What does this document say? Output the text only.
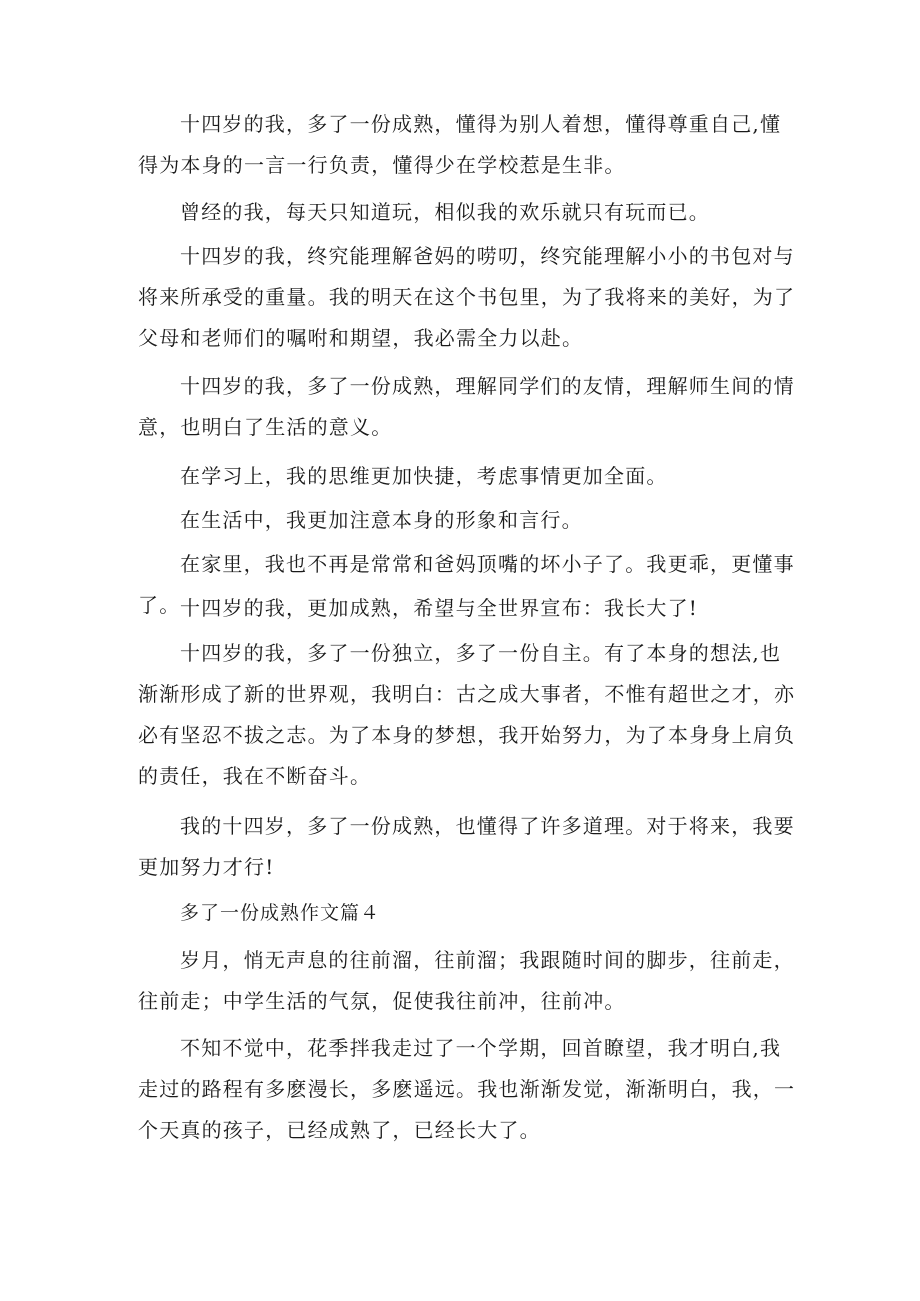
十四岁的我，多了一份成熟，懂得为别人着想，懂得尊重自己,懂得为本身的一言一行负责，懂得少在学校惹是生非。

曾经的我，每天只知道玩，相似我的欢乐就只有玩而已。

十四岁的我，终究能理解爸妈的唠叨，终究能理解小小的书包对与将来所承受的重量。我的明天在这个书包里，为了我将来的美好，为了父母和老师们的嘱咐和期望，我必需全力以赴。

十四岁的我，多了一份成熟，理解同学们的友情，理解师生间的情意，也明白了生活的意义。

在学习上，我的思维更加快捷，考虑事情更加全面。

在生活中，我更加注意本身的形象和言行。

在家里，我也不再是常常和爸妈顶嘴的坏小子了。我更乖，更懂事了。 十四岁的我，更加成熟，希望与全世界宣布：我长大了!

十四岁的我，多了一份独立，多了一份自主。有了本身的想法,也渐渐形成了新的世界观，我明白：古之成大事者，不惟有超世之才，亦必有坚忍不拔之志。为了本身的梦想，我开始努力，为了本身身上肩负的责任，我在不断奋斗。

我的十四岁，多了一份成熟，也懂得了许多道理。对于将来，我要更加努力才行!

多了一份成熟作文篇４

岁月，悄无声息的往前溜，往前溜；我跟随时间的脚步，往前走，往前走；中学生活的气氛，促使我往前冲，往前冲。

不知不觉中，花季拌我走过了一个学期，回首瞭望，我才明白,我走过的路程有多麽漫长，多麽遥远。我也渐渐发觉，渐渐明白，我，一个天真的孩子，已经成熟了，已经长大了。
